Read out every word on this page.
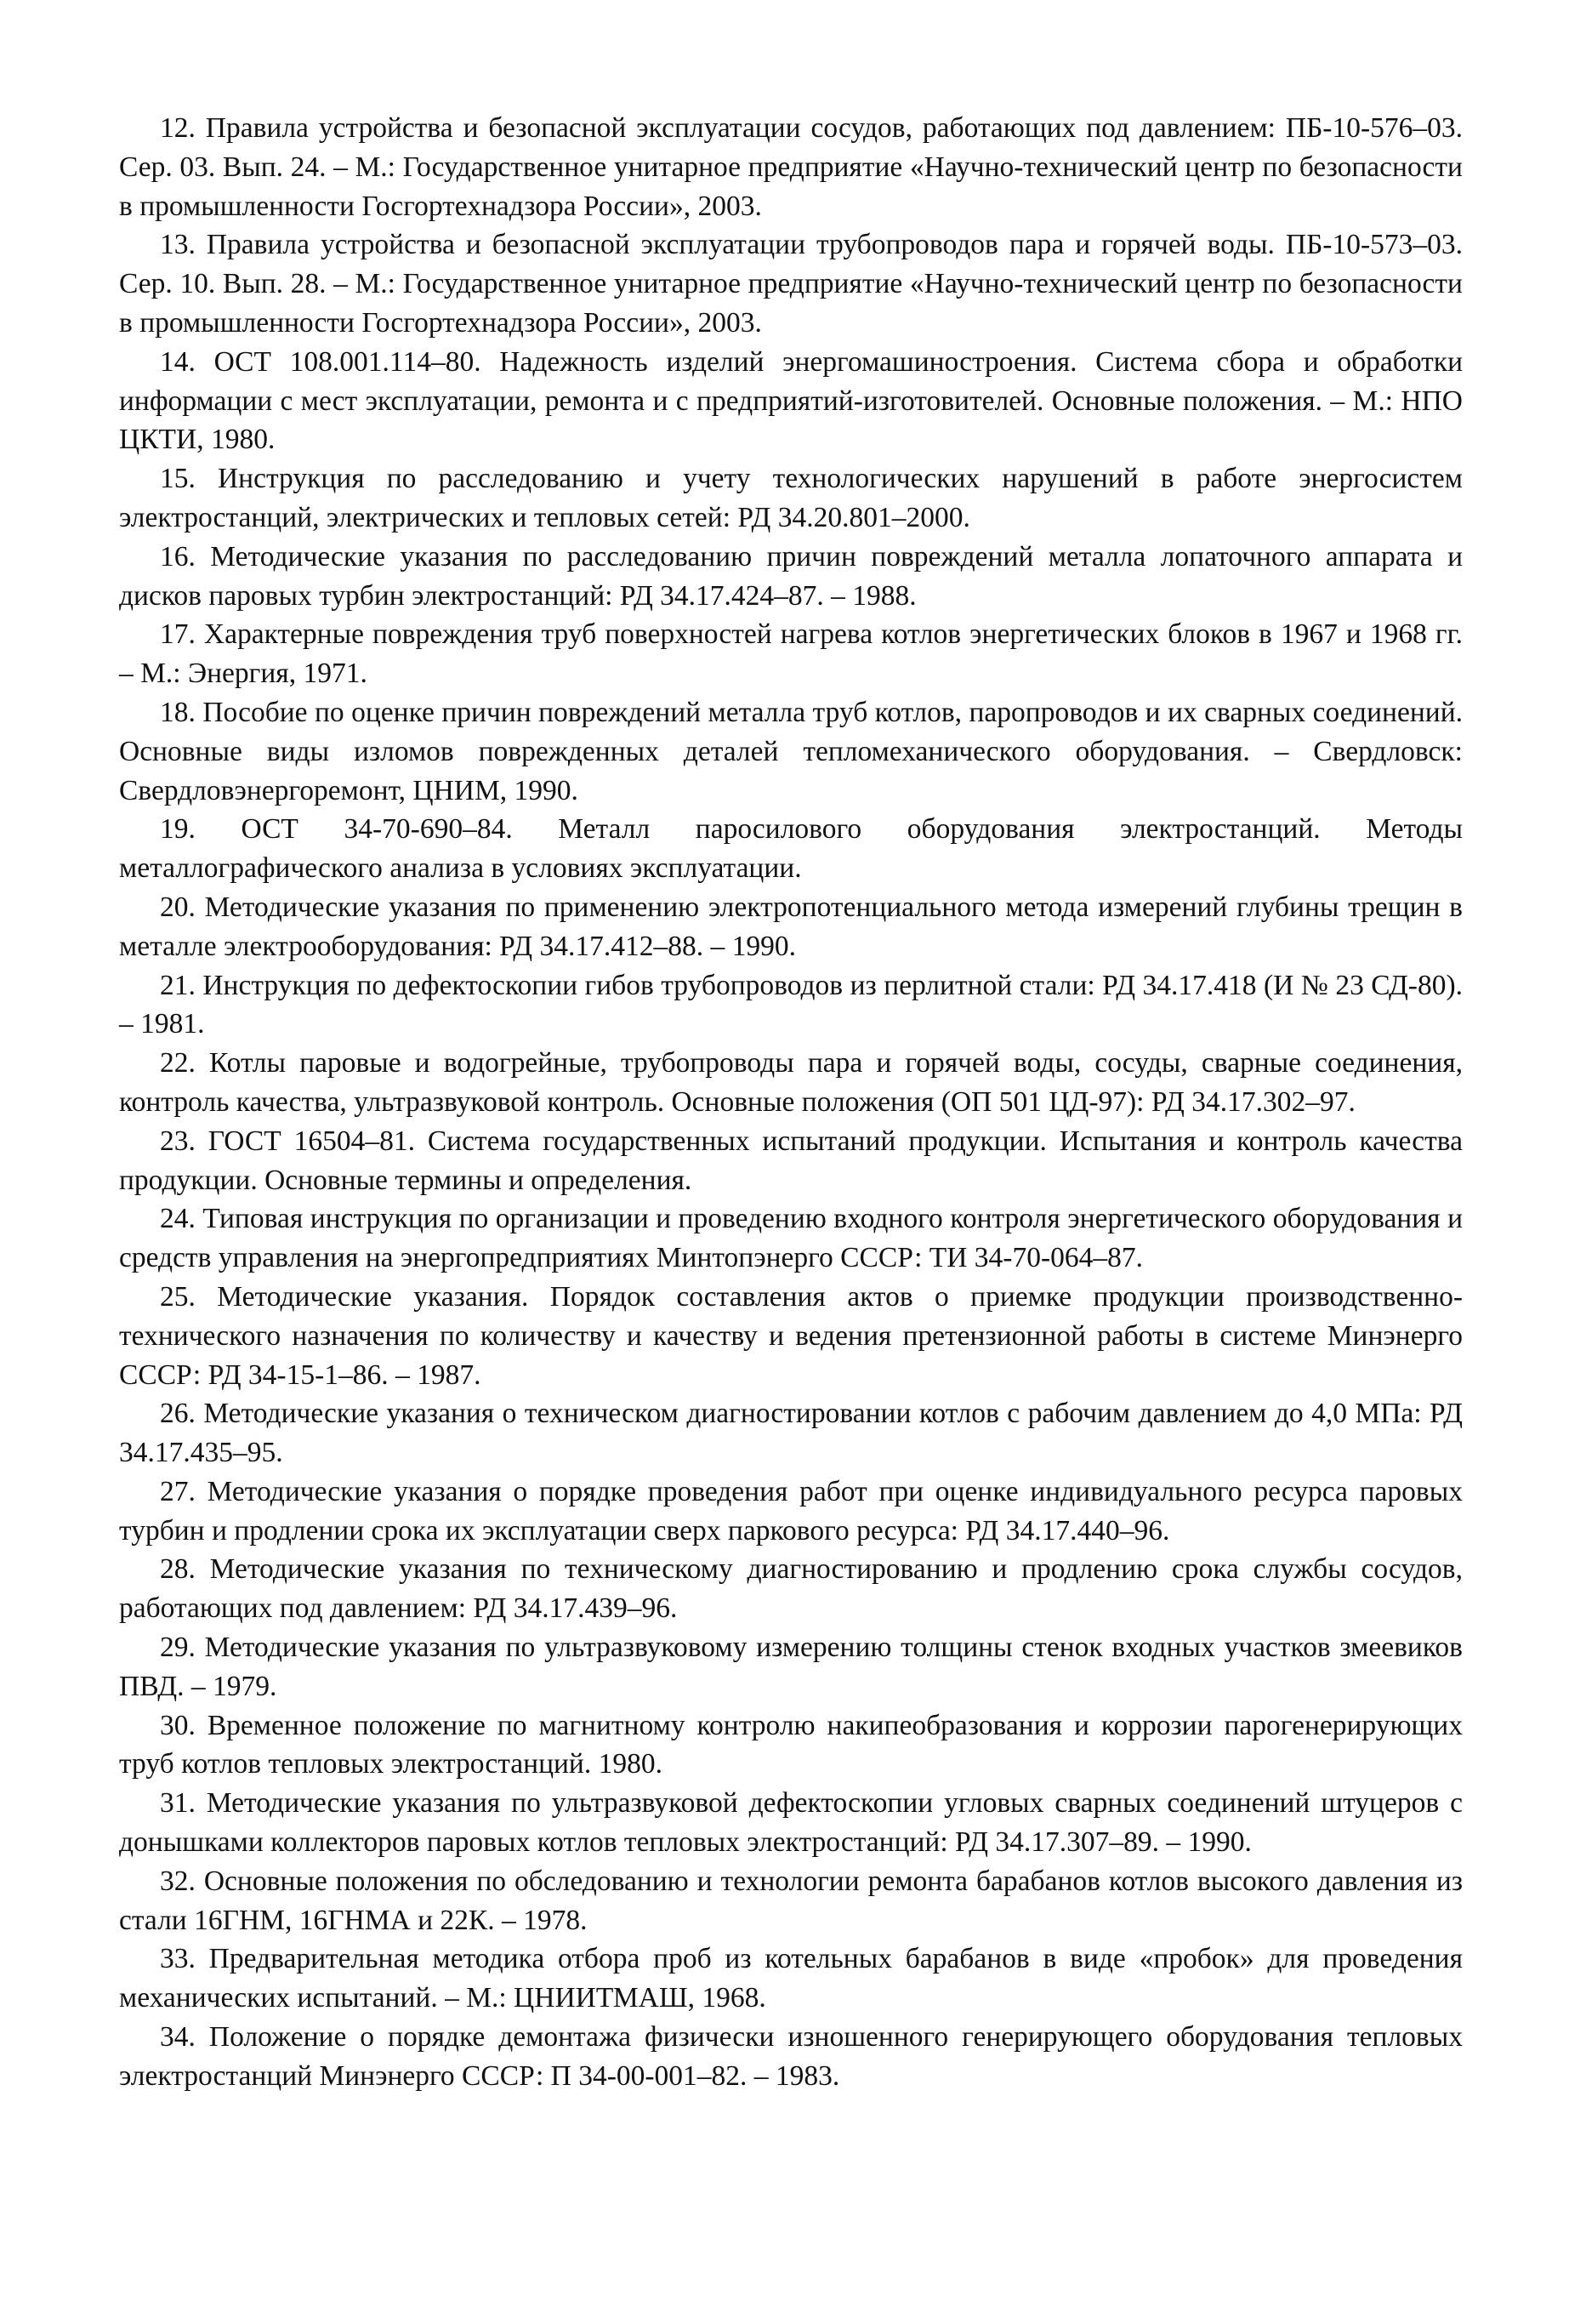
12. Правила устройства и безопасной эксплуатации сосудов, работающих под давлением: ПБ-10-576–03. Сер. 03. Вып. 24. – М.: Государственное унитарное предприятие «Научно-технический центр по безопасности в промышленности Госгортехнадзора России», 2003.
13. Правила устройства и безопасной эксплуатации трубопроводов пара и горячей воды. ПБ-10-573–03. Сер. 10. Вып. 28. – М.: Государственное унитарное предприятие «Научно-технический центр по безопасности в промышленности Госгортехнадзора России», 2003.
14. ОСТ 108.001.114–80. Надежность изделий энергомашиностроения. Система сбора и обработки информации с мест эксплуатации, ремонта и с предприятий-изготовителей. Основные положения. – М.: НПО ЦКТИ, 1980.
15. Инструкция по расследованию и учету технологических нарушений в работе энергосистем электростанций, электрических и тепловых сетей: РД 34.20.801–2000.
16. Методические указания по расследованию причин повреждений металла лопаточного аппарата и дисков паровых турбин электростанций: РД 34.17.424–87. – 1988.
17. Характерные повреждения труб поверхностей нагрева котлов энергетических блоков в 1967 и 1968 гг. – М.: Энергия, 1971.
18. Пособие по оценке причин повреждений металла труб котлов, паропроводов и их сварных соединений. Основные виды изломов поврежденных деталей тепломеханического оборудования. – Свердловск: Свердловэнергоремонт, ЦНИМ, 1990.
19. ОСТ 34-70-690–84. Металл паросилового оборудования электростанций. Методы металлографического анализа в условиях эксплуатации.
20. Методические указания по применению электропотенциального метода измерений глубины трещин в металле электрооборудования: РД 34.17.412–88. – 1990.
21. Инструкция по дефектоскопии гибов трубопроводов из перлитной стали: РД 34.17.418 (И № 23 СД-80). – 1981.
22. Котлы паровые и водогрейные, трубопроводы пара и горячей воды, сосуды, сварные соединения, контроль качества, ультразвуковой контроль. Основные положения (ОП 501 ЦД-97): РД 34.17.302–97.
23. ГОСТ 16504–81. Система государственных испытаний продукции. Испытания и контроль качества продукции. Основные термины и определения.
24. Типовая инструкция по организации и проведению входного контроля энергетического оборудования и средств управления на энергопредприятиях Минтопэнерго СССР: ТИ 34-70-064–87.
25. Методические указания. Порядок составления актов о приемке продукции производственно-технического назначения по количеству и качеству и ведения претензионной работы в системе Минэнерго СССР: РД 34-15-1–86. – 1987.
26. Методические указания о техническом диагностировании котлов с рабочим давлением до 4,0 МПа: РД 34.17.435–95.
27. Методические указания о порядке проведения работ при оценке индивидуального ресурса паровых турбин и продлении срока их эксплуатации сверх паркового ресурса: РД 34.17.440–96.
28. Методические указания по техническому диагностированию и продлению срока службы сосудов, работающих под давлением: РД 34.17.439–96.
29. Методические указания по ультразвуковому измерению толщины стенок входных участков змеевиков ПВД. – 1979.
30. Временное положение по магнитному контролю накипеобразования и коррозии парогенерирующих труб котлов тепловых электростанций. 1980.
31. Методические указания по ультразвуковой дефектоскопии угловых сварных соединений штуцеров с донышками коллекторов паровых котлов тепловых электростанций: РД 34.17.307–89. – 1990.
32. Основные положения по обследованию и технологии ремонта барабанов котлов высокого давления из стали 16ГНМ, 16ГНМА и 22К. – 1978.
33. Предварительная методика отбора проб из котельных барабанов в виде «пробок» для проведения механических испытаний. – М.: ЦНИИТМАШ, 1968.
34. Положение о порядке демонтажа физически изношенного генерирующего оборудования тепловых электростанций Минэнерго СССР: П 34-00-001–82. – 1983.
